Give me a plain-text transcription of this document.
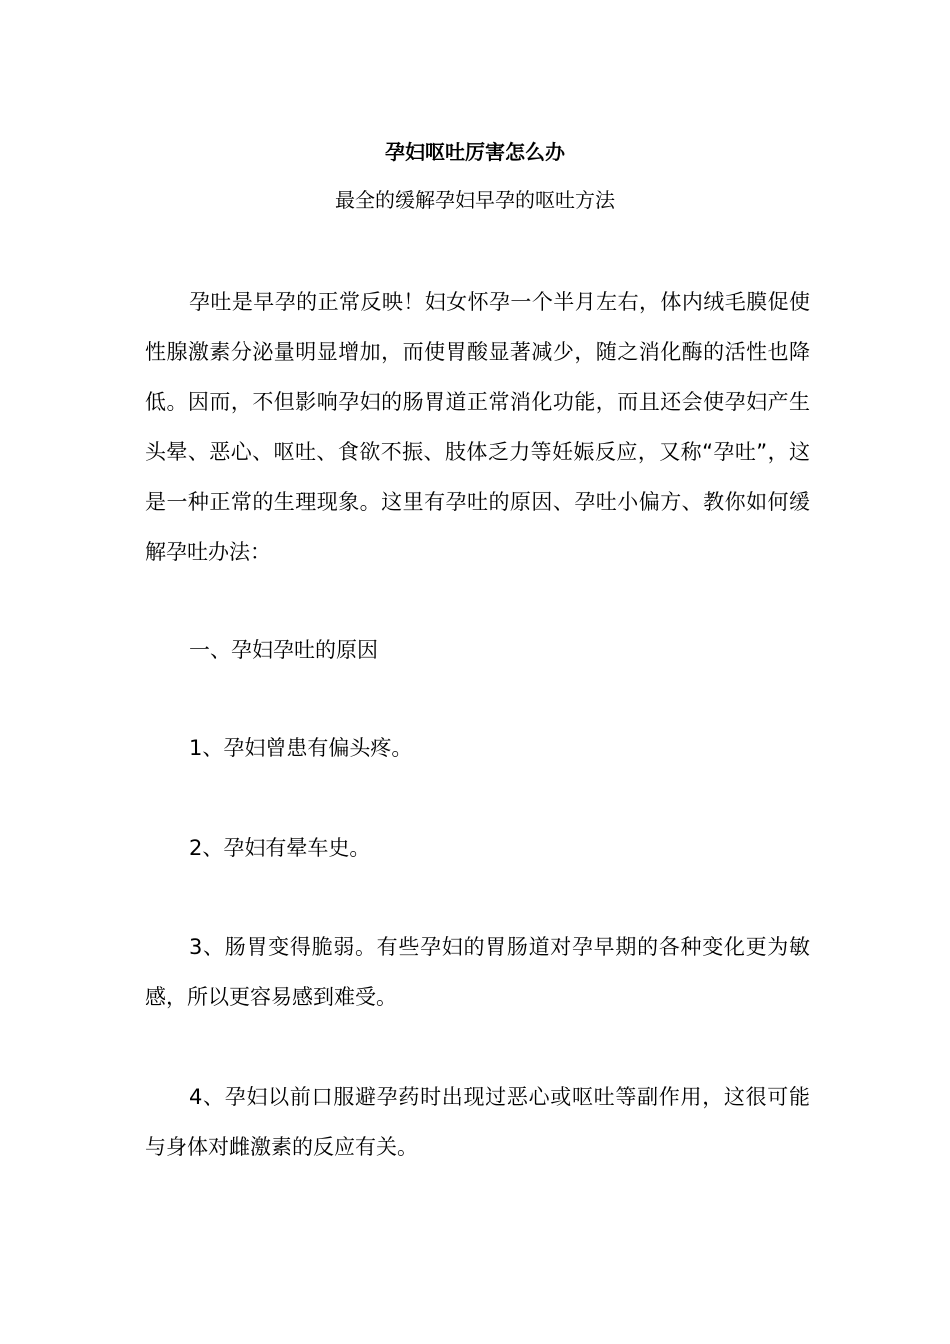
孕妇呕吐厉害怎么办
最全的缓解孕妇早孕的呕吐方法

孕吐是早孕的正常反映！妇女怀孕一个半月左右，体内绒毛膜促使性腺激素分泌量明显增加，而使胃酸显著减少，随之消化酶的活性也降低。因而，不但影响孕妇的肠胃道正常消化功能，而且还会使孕妇产生头晕、恶心、呕吐、食欲不振、肢体乏力等妊娠反应，又称“孕吐”，这是一种正常的生理现象。这里有孕吐的原因、孕吐小偏方、教你如何缓解孕吐办法：

一、孕妇孕吐的原因

1、孕妇曾患有偏头疼。

2、孕妇有晕车史。

3、肠胃变得脆弱。有些孕妇的胃肠道对孕早期的各种变化更为敏感，所以更容易感到难受。

4、孕妇以前口服避孕药时出现过恶心或呕吐等副作用，这很可能与身体对雌激素的反应有关。
